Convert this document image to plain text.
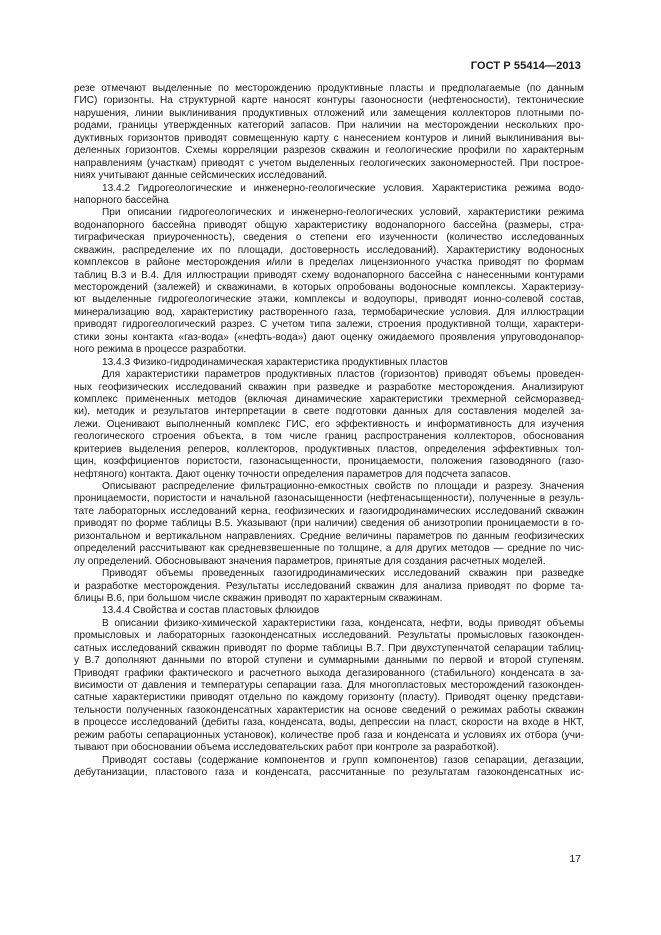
ГОСТ Р 55414—2013
резе отмечают выделенные по месторождению продуктивные пласты и предполагаемые (по данным
ГИС) горизонты. На структурной карте наносят контуры газоносности (нефтеносности), тектонические
нарушения, линии выклинивания продуктивных отложений или замещения коллекторов плотными по-
родами, границы утвержденных категорий запасов. При наличии на месторождении нескольких про-
дуктивных горизонтов приводят совмещенную карту с нанесением контуров и линий выклинивания вы-
деленных горизонтов. Схемы корреляции разрезов скважин и геологические профили по характерным
направлениям (участкам) приводят с учетом выделенных геологических закономерностей. При построе-
ниях учитывают данные сейсмических исследований.
13.4.2 Гидрогеологические и инженерно-геологические условия. Характеристика режима водо-
напорного бассейна
При описании гидрогеологических и инженерно-геологических условий, характеристики режима
водонапорного бассейна приводят общую характеристику водонапорного бассейна (размеры, стра-
тиграфическая приуроченность), сведения о степени его изученности (количество исследованных
скважин, распределение их по площади, достоверность исследований). Характеристику водоносных
комплексов в районе месторождения и/или в пределах лицензионного участка приводят по формам
таблиц В.3 и В.4. Для иллюстрации приводят схему водонапорного бассейна с нанесенными контурами
месторождений (залежей) и скважинами, в которых опробованы водоносные комплексы. Характеризу-
ют выделенные гидрогеологические этажи, комплексы и водоупоры, приводят ионно-солевой состав,
минерализацию вод, характеристику растворенного газа, термобарические условия. Для иллюстрации
приводят гидрогеологический разрез. С учетом типа залежи, строения продуктивной толщи, характери-
стики зоны контакта «газ-вода» («нефть-вода») дают оценку ожидаемого проявления упруговодонапор-
ного режима в процессе разработки.
13.4.3 Физико-гидродинамическая характеристика продуктивных пластов
Для характеристики параметров продуктивных пластов (горизонтов) приводят объемы проведен-
ных геофизических исследований скважин при разведке и разработке месторождения. Анализируют
комплекс примененных методов (включая динамические характеристики трехмерной сейсморазвед-
ки), методик и результатов интерпретации в свете подготовки данных для составления моделей за-
лежи. Оценивают выполненный комплекс ГИС, его эффективность и информативность для изучения
геологического строения объекта, в том числе границ распространения коллекторов, обоснования
критериев выделения реперов, коллекторов, продуктивных пластов, определения эффективных тол-
щин, коэффициентов пористости, газонасыщенности, проницаемости, положения газоводяного (газо-
нефтяного) контакта. Дают оценку точности определения параметров для подсчета запасов.
Описывают распределение фильтрационно-емкостных свойств по площади и разрезу. Значения
проницаемости, пористости и начальной газонасыщенности (нефтенасыщенности), полученные в резуль-
тате лабораторных исследований керна, геофизических и газогидродинамических исследований скважин
приводят по форме таблицы В.5. Указывают (при наличии) сведения об анизотропии проницаемости в го-
ризонтальном и вертикальном направлениях. Средние величины параметров по данным геофизических
определений рассчитывают как средневзвешенные по толщине, а для других методов — средние по чис-
лу определений. Обосновывают значения параметров, принятые для создания расчетных моделей.
Приводят объемы проведенных газогидродинамических исследований скважин при разведке
и разработке месторождения. Результаты исследований скважин для анализа приводят по форме та-
блицы В.6, при большом числе скважин приводят по характерным скважинам.
13.4.4 Свойства и состав пластовых флюидов
В описании физико-химической характеристики газа, конденсата, нефти, воды приводят объемы
промысловых и лабораторных газоконденсатных исследований. Результаты промысловых газоконден-
сатных исследований скважин приводят по форме таблицы В.7. При двухступенчатой сепарации таблиц-
у В.7 дополняют данными по второй ступени и суммарными данными по первой и второй ступеням.
Приводят графики фактического и расчетного выхода дегазированного (стабильного) конденсата в за-
висимости от давления и температуры сепарации газа. Для многопластовых месторождений газоконден-
сатные характеристики приводят отдельно по каждому горизонту (пласту). Приводят оценку представи-
тельности полученных газоконденсатных характеристик на основе сведений о режимах работы скважин
в процессе исследований (дебиты газа, конденсата, воды, депрессии на пласт, скорости на входе в НКТ,
режим работы сепарационных установок), количестве проб газа и конденсата и условиях их отбора (учи-
тывают при обосновании объема исследовательских работ при контроле за разработкой).
Приводят составы (содержание компонентов и групп компонентов) газов сепарации, дегазации,
дебутанизации, пластового газа и конденсата, рассчитанные по результатам газоконденсатных ис-
17
